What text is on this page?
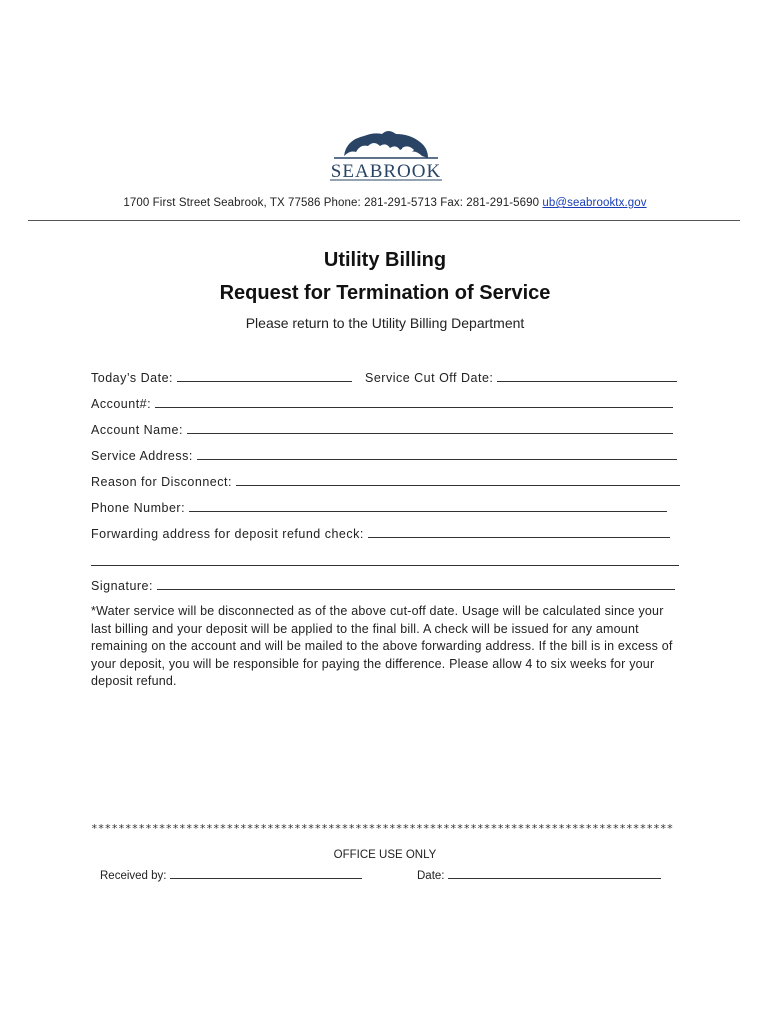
SEABROOK
1700 First Street Seabrook, TX 77586 Phone: 281-291-5713 Fax: 281-291-5690 ub@seabrooktx.gov
Utility Billing
Request for Termination of Service
Please return to the Utility Billing Department
Today’s Date:	Service Cut Off Date:
Account#:
Account Name:
Service Address:
Reason for Disconnect:
Phone Number:
Forwarding address for deposit refund check:
Signature:
*Water service will be disconnected as of the above cut-off date. Usage will be calculated since your last billing and your deposit will be applied to the final bill. A check will be issued for any amount remaining on the account and will be mailed to the above forwarding address. If the bill is in excess of your deposit, you will be responsible for paying the difference. Please allow 4 to six weeks for your deposit refund.
**************************************************************************************
OFFICE USE ONLY
Received by:	Date:
